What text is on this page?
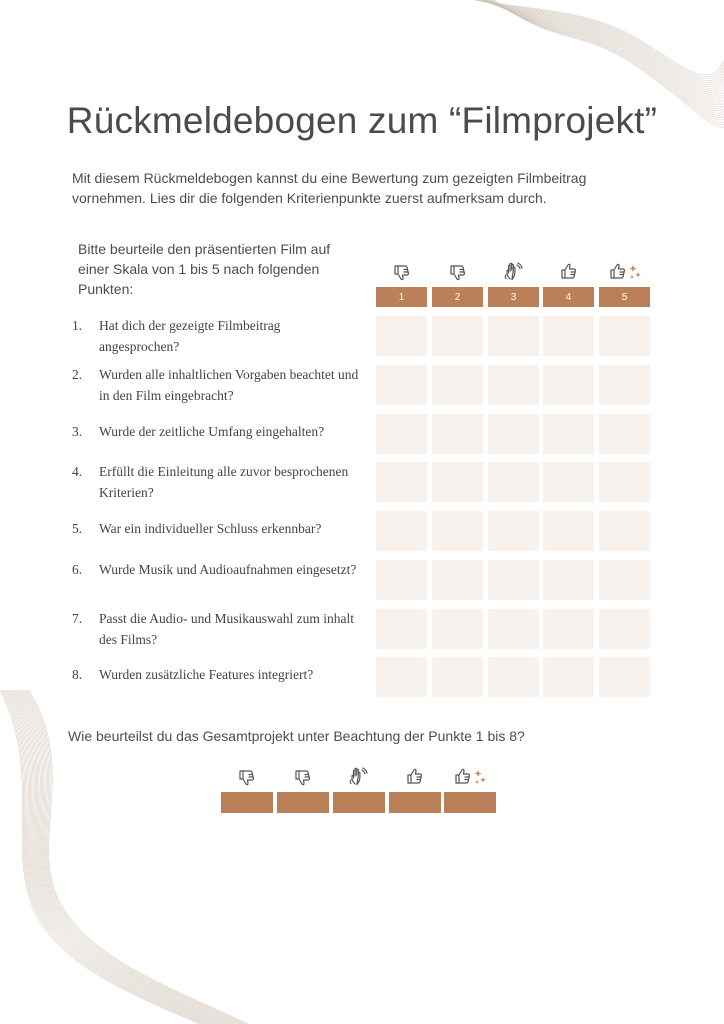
Rückmeldebogen zum “Filmprojekt”
Mit diesem Rückmeldebogen kannst du eine Bewertung zum gezeigten Filmbeitrag vornehmen. Lies dir die folgenden Kriterienpunkte zuerst aufmerksam durch.
Bitte beurteile den präsentierten Film auf einer Skala von 1 bis 5 nach folgenden Punkten:	1	2	3	4	5
1.	Hat dich der gezeigte Filmbeitrag angesprochen?
2.	Wurden alle inhaltlichen Vorgaben beachtet und in den Film eingebracht?
3.	Wurde der zeitliche Umfang eingehalten?
4.	Erfüllt die Einleitung alle zuvor besprochenen Kriterien?
5.	War ein individueller Schluss erkennbar?
6.	Wurde Musik und Audioaufnahmen eingesetzt?
7.	Passt die Audio- und Musikauswahl zum inhalt des Films?
8.	Wurden zusätzliche Features integriert?
Wie beurteilst du das Gesamtprojekt unter Beachtung der Punkte 1 bis 8?
